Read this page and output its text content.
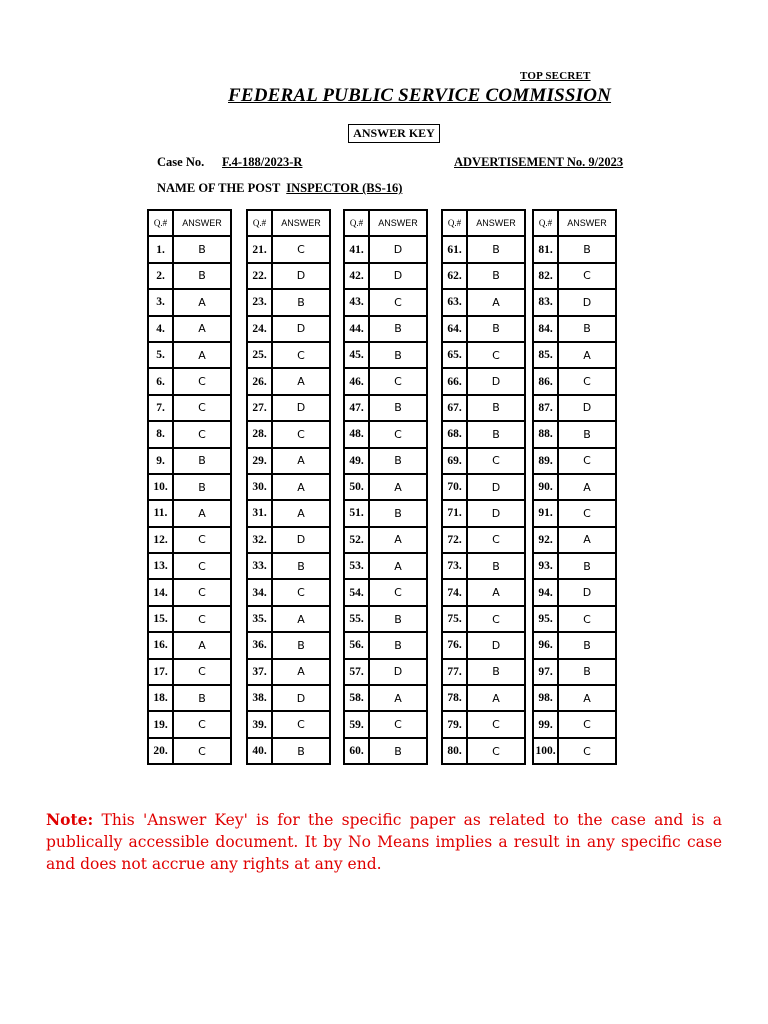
TOP SECRET
FEDERAL PUBLIC SERVICE COMMISSION
ANSWER KEY
Case No. F.4-188/2023-R	ADVERTISEMENT No. 9/2023
NAME OF THE POST INSPECTOR (BS-16)
Q.#	ANSWER
1.	B
2.	B
3.	A
4.	A
5.	A
6.	C
7.	C
8.	C
9.	B
10.	B
11.	A
12.	C
13.	C
14.	C
15.	C
16.	A
17.	C
18.	B
19.	C
20.	C
Q.#	ANSWER
21.	C
22.	D
23.	B
24.	D
25.	C
26.	A
27.	D
28.	C
29.	A
30.	A
31.	A
32.	D
33.	B
34.	C
35.	A
36.	B
37.	A
38.	D
39.	C
40.	B
Q.#	ANSWER
41.	D
42.	D
43.	C
44.	B
45.	B
46.	C
47.	B
48.	C
49.	B
50.	A
51.	B
52.	A
53.	A
54.	C
55.	B
56.	B
57.	D
58.	A
59.	C
60.	B
Q.#	ANSWER
61.	B
62.	B
63.	A
64.	B
65.	C
66.	D
67.	B
68.	B
69.	C
70.	D
71.	D
72.	C
73.	B
74.	A
75.	C
76.	D
77.	B
78.	A
79.	C
80.	C
Q.#	ANSWER
81.	B
82.	C
83.	D
84.	B
85.	A
86.	C
87.	D
88.	B
89.	C
90.	A
91.	C
92.	A
93.	B
94.	D
95.	C
96.	B
97.	B
98.	A
99.	C
100.	C
Note: This 'Answer Key' is for the specific paper as related to the case and is a publically accessible document. It by No Means implies a result in any specific case and does not accrue any rights at any end.
